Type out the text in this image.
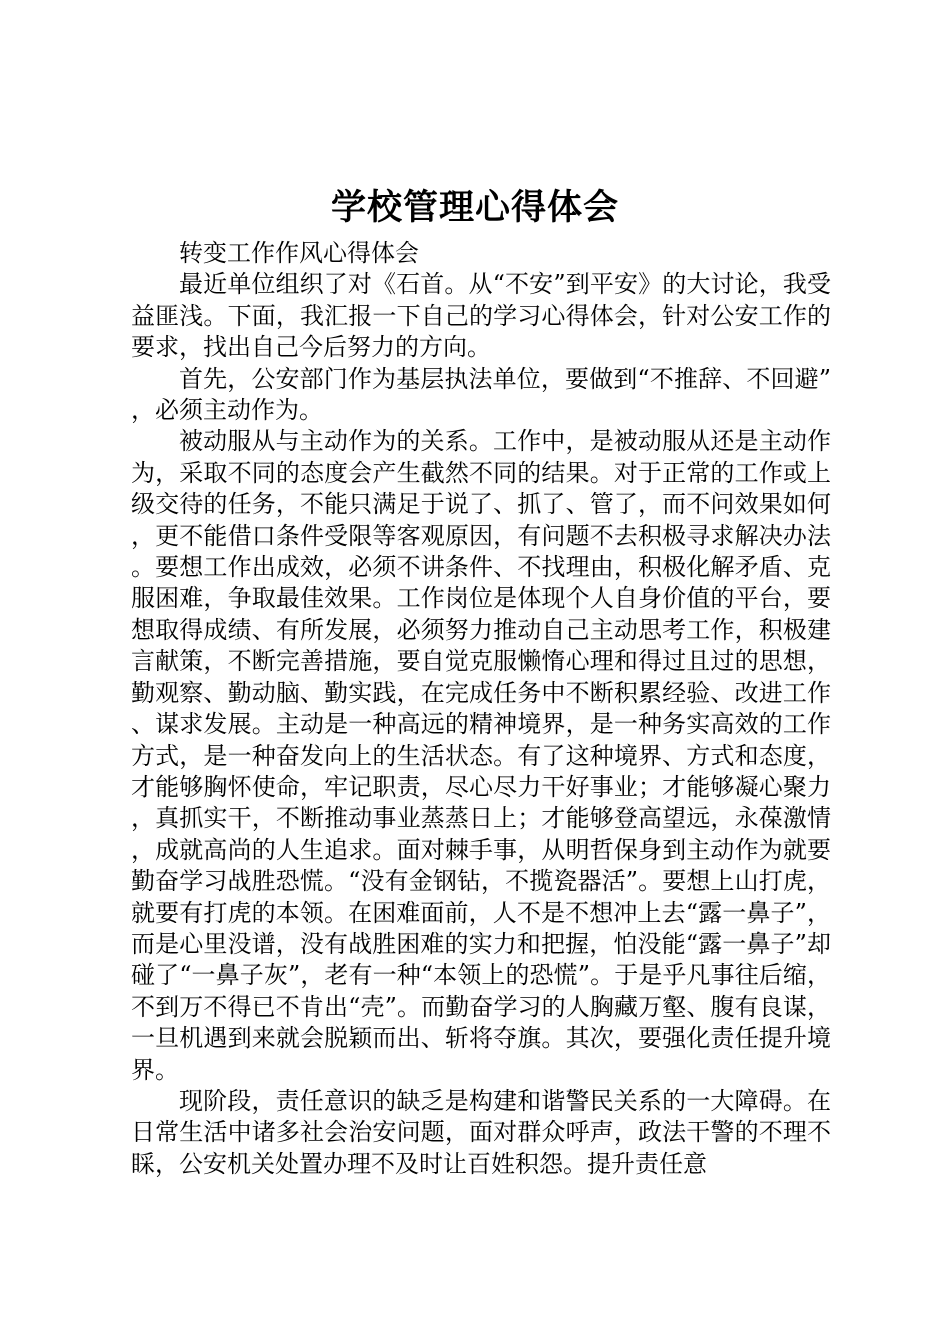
学校管理心得体会

转变工作作风心得体会

最近单位组织了对《石首。从“不安”到平安》的大讨论，我受益匪浅。下面，我汇报一下自己的学习心得体会，针对公安工作的要求，找出自己今后努力的方向。

首先，公安部门作为基层执法单位，要做到“不推辞、不回避”，必须主动作为。

被动服从与主动作为的关系。工作中，是被动服从还是主动作为，采取不同的态度会产生截然不同的结果。对于正常的工作或上级交待的任务，不能只满足于说了、抓了、管了，而不问效果如何，更不能借口条件受限等客观原因，有问题不去积极寻求解决办法。要想工作出成效，必须不讲条件、不找理由，积极化解矛盾、克服困难，争取最佳效果。工作岗位是体现个人自身价值的平台，要想取得成绩、有所发展，必须努力推动自己主动思考工作，积极建言献策，不断完善措施，要自觉克服懒惰心理和得过且过的思想，勤观察、勤动脑、勤实践，在完成任务中不断积累经验、改进工作、谋求发展。主动是一种高远的精神境界，是一种务实高效的工作方式，是一种奋发向上的生活状态。有了这种境界、方式和态度，才能够胸怀使命，牢记职责，尽心尽力干好事业；才能够凝心聚力，真抓实干，不断推动事业蒸蒸日上；才能够登高望远，永葆激情，成就高尚的人生追求。面对棘手事，从明哲保身到主动作为就要勤奋学习战胜恐慌。“没有金钢钻，不揽瓷器活”。要想上山打虎，就要有打虎的本领。在困难面前，人不是不想冲上去“露一鼻子”，而是心里没谱，没有战胜困难的实力和把握，怕没能“露一鼻子”却碰了“一鼻子灰”，老有一种“本领上的恐慌”。于是乎凡事往后缩，不到万不得已不肯出“壳”。而勤奋学习的人胸藏万壑、腹有良谋，一旦机遇到来就会脱颖而出、斩将夺旗。其次，要强化责任提升境界。

现阶段，责任意识的缺乏是构建和谐警民关系的一大障碍。在日常生活中诸多社会治安问题，面对群众呼声，政法干警的不理不睬，公安机关处置办理不及时让百姓积怨。提升责任意
